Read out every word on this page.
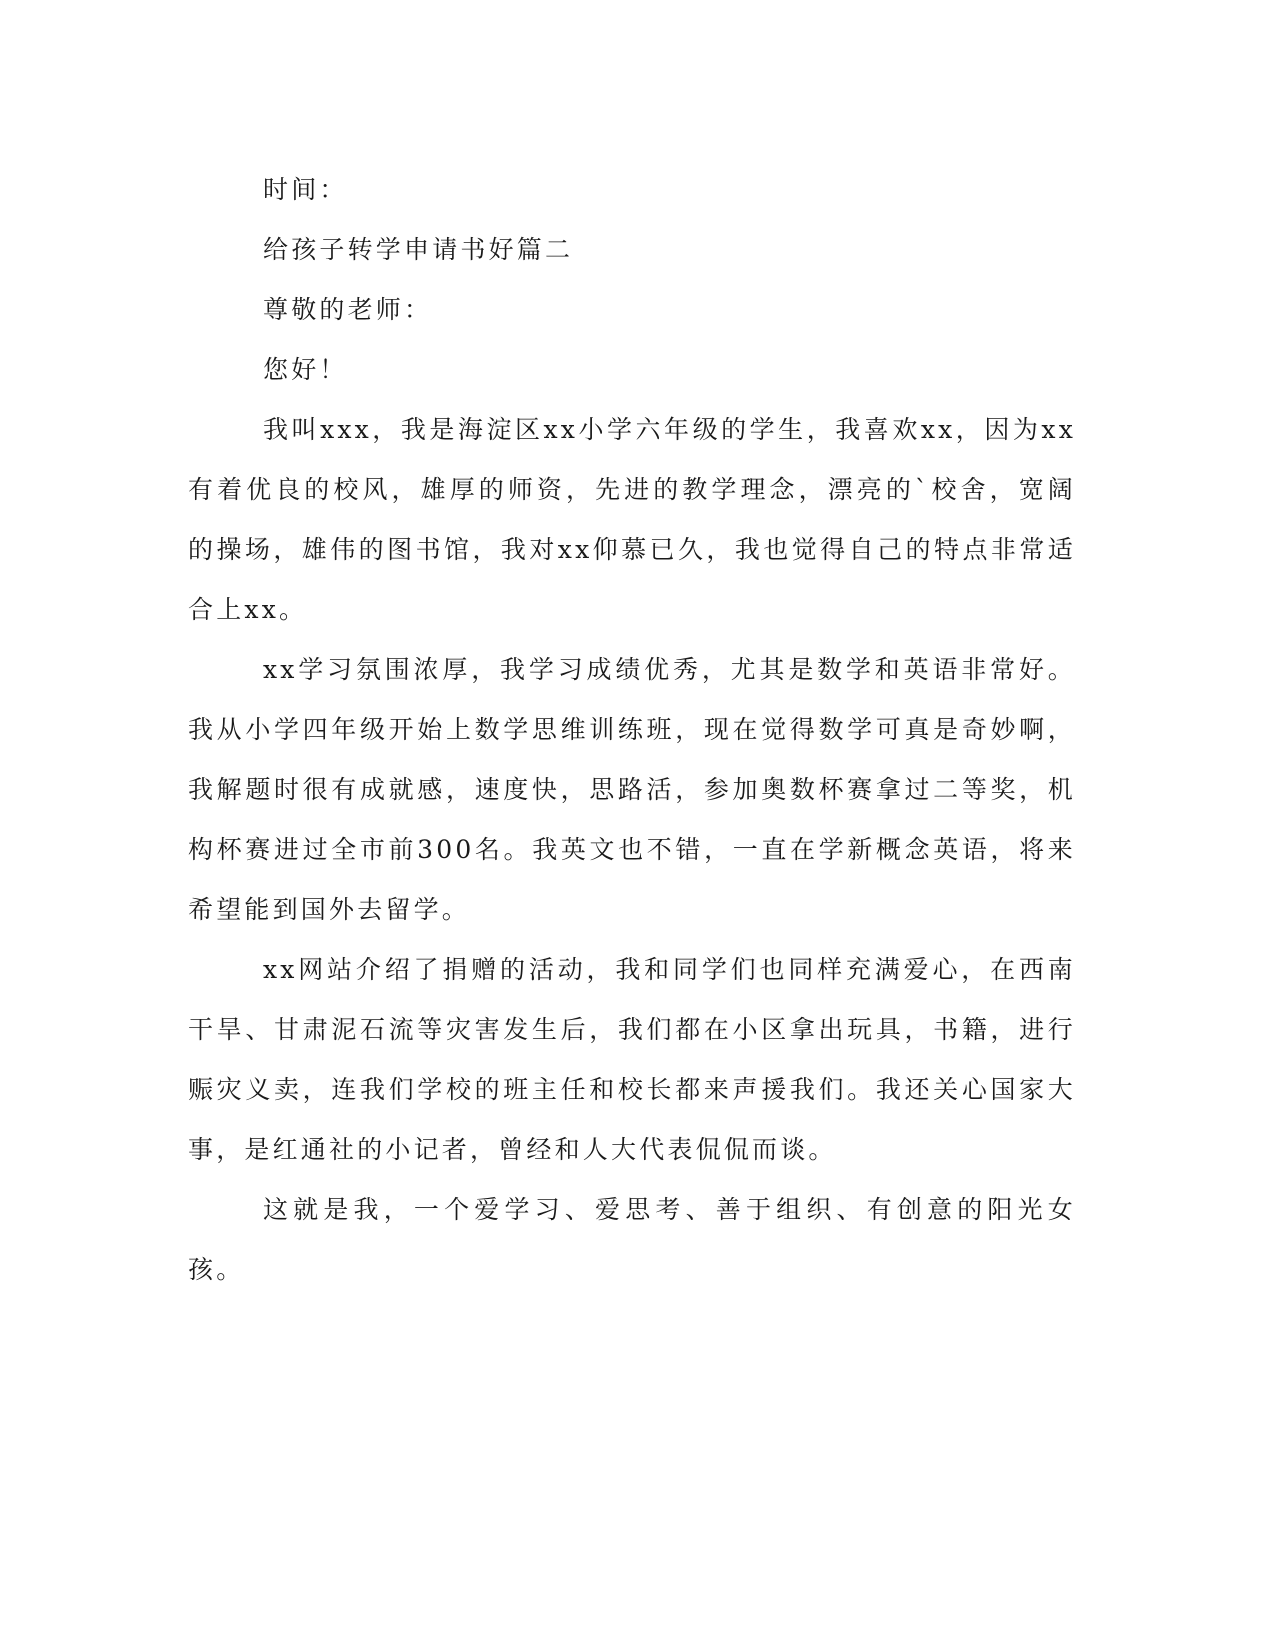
时间：

给孩子转学申请书好篇二

尊敬的老师：

您好！

我叫xxx，我是海淀区xx小学六年级的学生，我喜欢xx，因为xx有着优良的校风，雄厚的师资，先进的教学理念，漂亮的`校舍，宽阔的操场，雄伟的图书馆，我对xx仰慕已久，我也觉得自己的特点非常适合上xx。

xx学习氛围浓厚，我学习成绩优秀，尤其是数学和英语非常好。我从小学四年级开始上数学思维训练班，现在觉得数学可真是奇妙啊，我解题时很有成就感，速度快，思路活，参加奥数杯赛拿过二等奖，机构杯赛进过全市前300名。我英文也不错，一直在学新概念英语，将来希望能到国外去留学。

xx网站介绍了捐赠的活动，我和同学们也同样充满爱心，在西南干旱、甘肃泥石流等灾害发生后，我们都在小区拿出玩具，书籍，进行赈灾义卖，连我们学校的班主任和校长都来声援我们。我还关心国家大事，是红通社的小记者，曾经和人大代表侃侃而谈。

这就是我，一个爱学习、爱思考、善于组织、有创意的阳光女孩。
